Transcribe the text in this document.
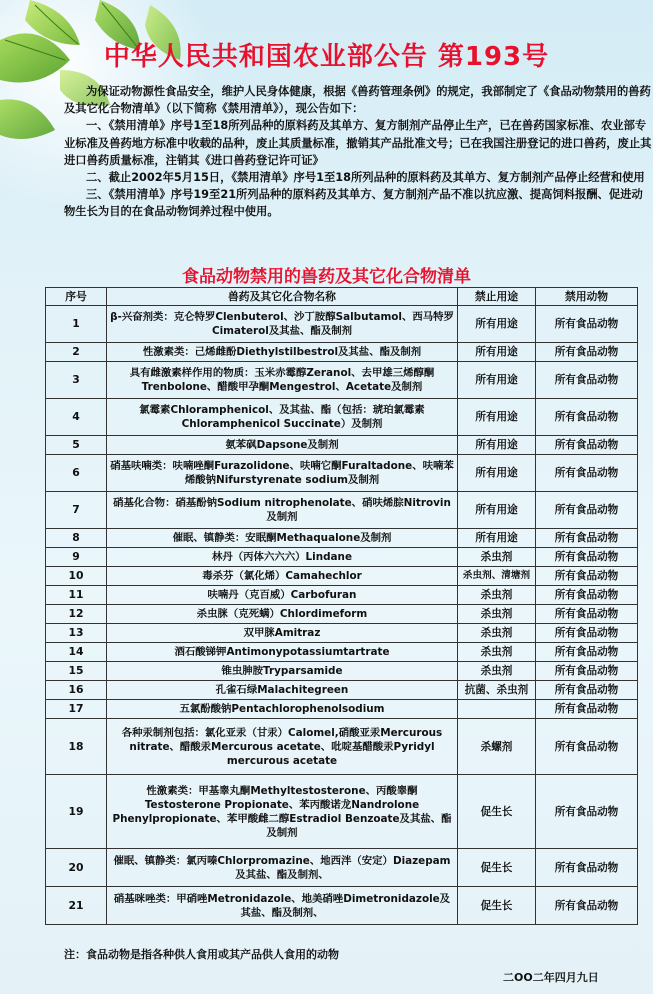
中华人民共和国农业部公告 第193号

为保证动物源性食品安全，维护人民身体健康，根据《兽药管理条例》的规定，我部制定了《食品动物禁用的兽药及其它化合物清单》（以下简称《禁用清单》），现公告如下：

一、《禁用清单》序号1至18所列品种的原料药及其单方、复方制剂产品停止生产，已在兽药国家标准、农业部专业标准及兽药地方标准中收载的品种，废止其质量标准，撤销其产品批准文号；已在我国注册登记的进口兽药，废止其进口兽药质量标准，注销其《进口兽药登记许可证》

二、截止2002年5月15日，《禁用清单》序号1至18所列品种的原料药及其单方、复方制剂产品停止经营和使用

三、《禁用清单》序号19至21所列品种的原料药及其单方、复方制剂产品不准以抗应激、提高饲料报酬、促进动物生长为目的在食品动物饲养过程中使用。

食品动物禁用的兽药及其它化合物清单
序号	兽药及其它化合物名称	禁止用途	禁用动物
1	β-兴奋剂类：克仑特罗Clenbuterol、沙丁胺醇Salbutamol、西马特罗Cimaterol及其盐、酯及制剂	所有用途	所有食品动物
2	性激素类：己烯雌酚Diethylstilbestrol及其盐、酯及制剂	所有用途	所有食品动物
3	具有雌激素样作用的物质：玉米赤霉醇Zeranol、去甲雄三烯醇酮Trenbolone、醋酸甲孕酮Mengestrol、Acetate及制剂	所有用途	所有食品动物
4	氯霉素Chloramphenicol、及其盐、酯（包括：琥珀氯霉素Chloramphenicol Succinate）及制剂	所有用途	所有食品动物
5	氨苯砜Dapsone及制剂	所有用途	所有食品动物
6	硝基呋喃类：呋喃唑酮Furazolidone、呋喃它酮Furaltadone、呋喃苯烯酸钠Nifurstyrenate sodium及制剂	所有用途	所有食品动物
7	硝基化合物：硝基酚钠Sodium nitrophenolate、硝呋烯腙Nitrovin及制剂	所有用途	所有食品动物
8	催眠、镇静类：安眠酮Methaqualone及制剂	所有用途	所有食品动物
9	林丹（丙体六六六）Lindane	杀虫剂	所有食品动物
10	毒杀芬（氯化烯）Camahechlor	杀虫剂、清塘剂	所有食品动物
11	呋喃丹（克百威）Carbofuran	杀虫剂	所有食品动物
12	杀虫脒（克死螨）Chlordimeform	杀虫剂	所有食品动物
13	双甲脒Amitraz	杀虫剂	所有食品动物
14	酒石酸锑钾Antimonypotassiumtartrate	杀虫剂	所有食品动物
15	锥虫胂胺Tryparsamide	杀虫剂	所有食品动物
16	孔雀石绿Malachitegreen	抗菌、杀虫剂	所有食品动物
17	五氯酚酸钠Pentachlorophenolsodium		所有食品动物
18	各种汞制剂包括：氯化亚汞（甘汞）Calomel,硝酸亚汞Mercurous nitrate、醋酸汞Mercurous acetate、吡啶基醋酸汞Pyridyl mercurous acetate	杀螺剂	所有食品动物
19	性激素类：甲基睾丸酮Methyltestosterone、丙酸睾酮Testosterone Propionate、苯丙酸诺龙Nandrolone Phenylpropionate、苯甲酸雌二醇Estradiol Benzoate及其盐、酯及制剂	促生长	所有食品动物
20	催眠、镇静类：氯丙嗪Chlorpromazine、地西泮（安定）Diazepam及其盐、酯及制剂、	促生长	所有食品动物
21	硝基咪唑类：甲硝唑Metronidazole、地美硝唑Dimetronidazole及其盐、酯及制剂、	促生长	所有食品动物
注：食品动物是指各种供人食用或其产品供人食用的动物
二OO二年四月九日
